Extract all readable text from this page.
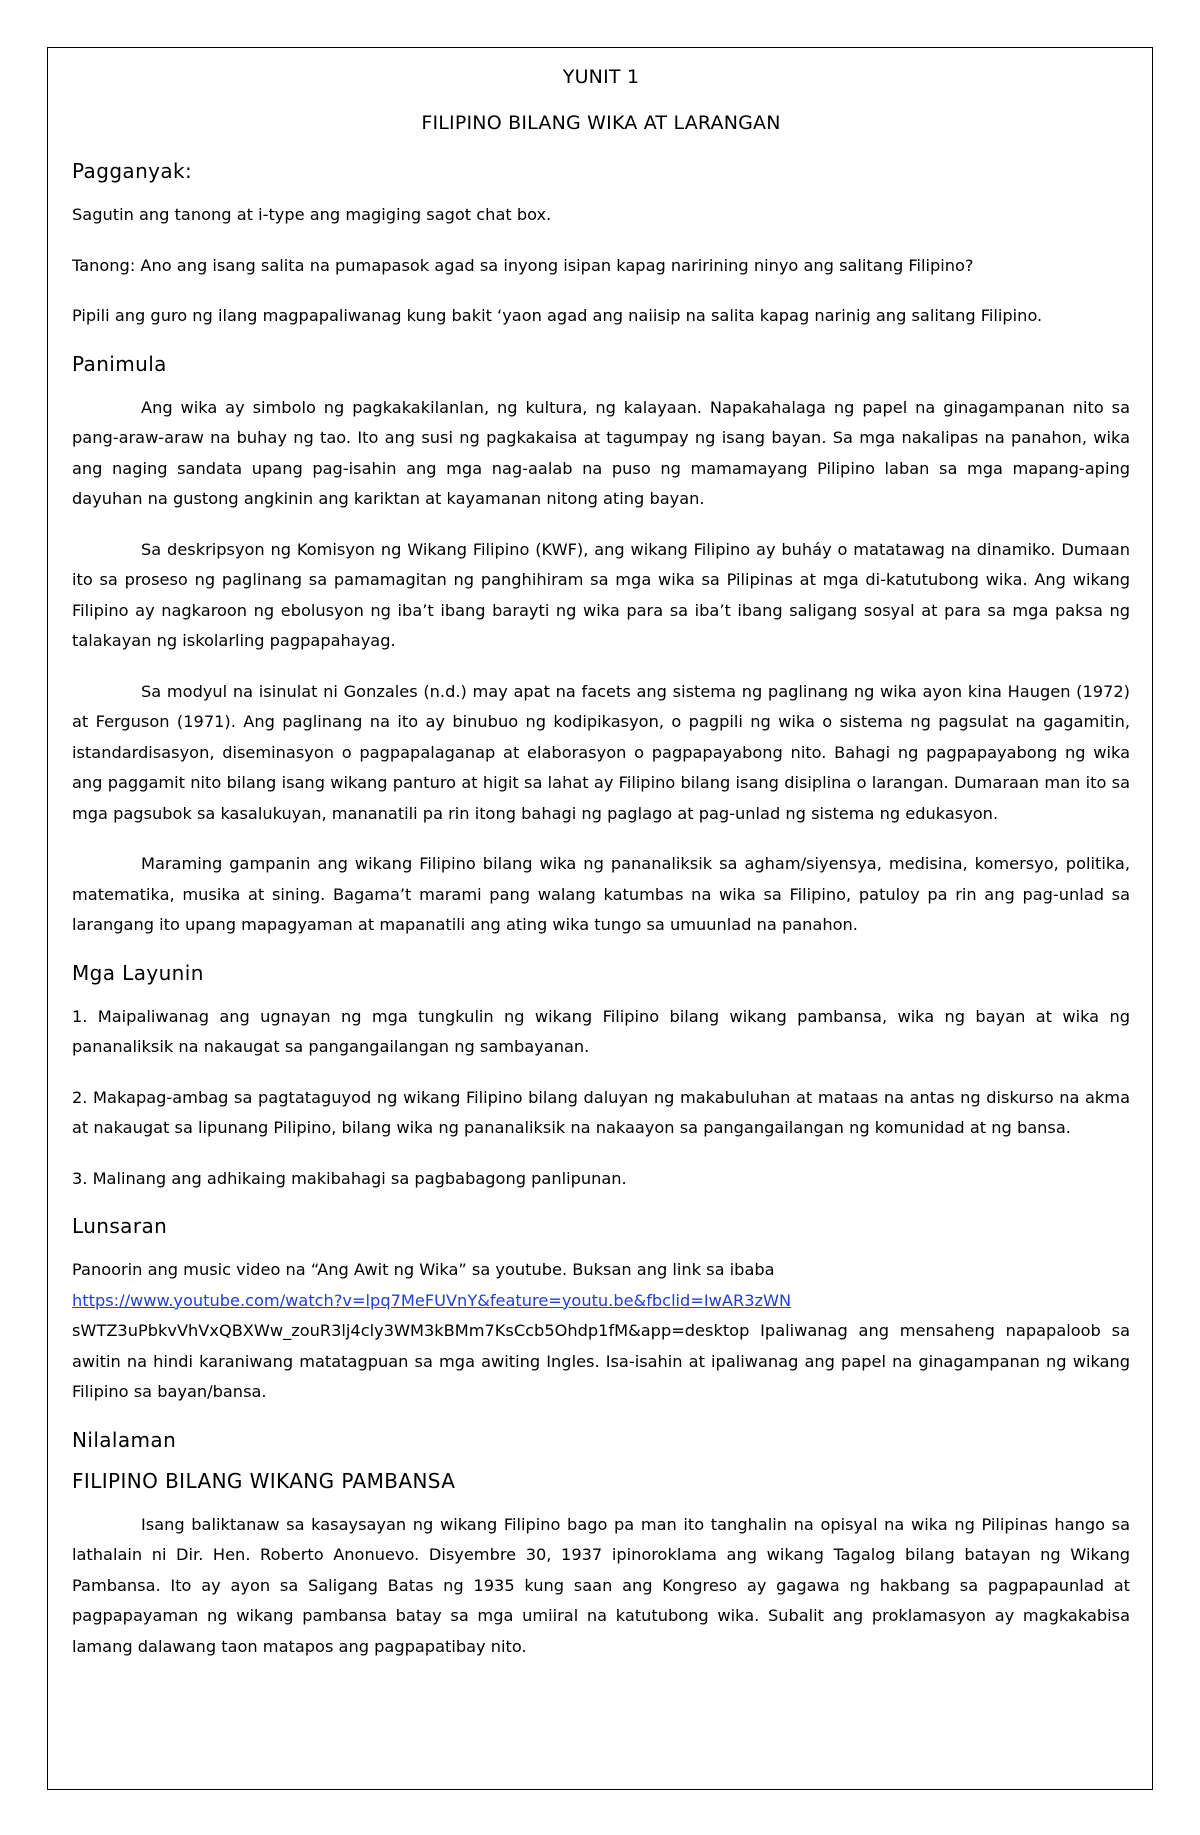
YUNIT 1
FILIPINO BILANG WIKA AT LARANGAN
Pagganyak:

Sagutin ang tanong at i-type ang magiging sagot chat box.

Tanong: Ano ang isang salita na pumapasok agad sa inyong isipan kapag naririning ninyo ang salitang Filipino?

Pipili ang guro ng ilang magpapaliwanag kung bakit ‘yaon agad ang naiisip na salita kapag narinig ang salitang Filipino.

Panimula

Ang wika ay simbolo ng pagkakakilanlan, ng kultura, ng kalayaan. Napakahalaga ng papel na ginagampanan nito sa pang-araw-araw na buhay ng tao. Ito ang susi ng pagkakaisa at tagumpay ng isang bayan. Sa mga nakalipas na panahon, wika ang naging sandata upang pag-isahin ang mga nag-aalab na puso ng mamamayang Pilipino laban sa mga mapang-aping dayuhan na gustong angkinin ang kariktan at kayamanan nitong ating bayan.

Sa deskripsyon ng Komisyon ng Wikang Filipino (KWF), ang wikang Filipino ay buháy o matatawag na dinamiko. Dumaan ito sa proseso ng paglinang sa pamamagitan ng panghihiram sa mga wika sa Pilipinas at mga di-katutubong wika. Ang wikang Filipino ay nagkaroon ng ebolusyon ng iba’t ibang barayti ng wika para sa iba’t ibang saligang sosyal at para sa mga paksa ng talakayan ng iskolarling pagpapahayag.

Sa modyul na isinulat ni Gonzales (n.d.) may apat na facets ang sistema ng paglinang ng wika ayon kina Haugen (1972) at Ferguson (1971). Ang paglinang na ito ay binubuo ng kodipikasyon, o pagpili ng wika o sistema ng pagsulat na gagamitin, istandardisasyon, diseminasyon o pagpapalaganap at elaborasyon o pagpapayabong nito. Bahagi ng pagpapayabong ng wika ang paggamit nito bilang isang wikang panturo at higit sa lahat ay Filipino bilang isang disiplina o larangan. Dumaraan man ito sa mga pagsubok sa kasalukuyan, mananatili pa rin itong bahagi ng paglago at pag-unlad ng sistema ng edukasyon.

Maraming gampanin ang wikang Filipino bilang wika ng pananaliksik sa agham/siyensya, medisina, komersyo, politika, matematika, musika at sining. Bagama’t marami pang walang katumbas na wika sa Filipino, patuloy pa rin ang pag-unlad sa larangang ito upang mapagyaman at mapanatili ang ating wika tungo sa umuunlad na panahon.

Mga Layunin

1. Maipaliwanag ang ugnayan ng mga tungkulin ng wikang Filipino bilang wikang pambansa, wika ng bayan at wika ng pananaliksik na nakaugat sa pangangailangan ng sambayanan.

2. Makapag-ambag sa pagtataguyod ng wikang Filipino bilang daluyan ng makabuluhan at mataas na antas ng diskurso na akma at nakaugat sa lipunang Pilipino, bilang wika ng pananaliksik na nakaayon sa pangangailangan ng komunidad at ng bansa.

3. Malinang ang adhikaing makibahagi sa pagbabagong panlipunan.

Lunsaran

Panoorin ang music video na “Ang Awit ng Wika” sa youtube. Buksan ang link sa ibaba
https://www.youtube.com/watch?v=lpq7MeFUVnY&feature=youtu.be&fbclid=IwAR3zWN
sWTZ3uPbkvVhVxQBXWw_zouR3lj4cly3WM3kBMm7KsCcb5Ohdp1fM&app=desktop Ipaliwanag ang mensaheng napapaloob sa awitin na hindi karaniwang matatagpuan sa mga awiting Ingles. Isa-isahin at ipaliwanag ang papel na ginagampanan ng wikang Filipino sa bayan/bansa.

Nilalaman
FILIPINO BILANG WIKANG PAMBANSA

Isang baliktanaw sa kasaysayan ng wikang Filipino bago pa man ito tanghalin na opisyal na wika ng Pilipinas hango sa lathalain ni Dir. Hen. Roberto Anonuevo. Disyembre 30, 1937 ipinoroklama ang wikang Tagalog bilang batayan ng Wikang Pambansa. Ito ay ayon sa Saligang Batas ng 1935 kung saan ang Kongreso ay gagawa ng hakbang sa pagpapaunlad at pagpapayaman ng wikang pambansa batay sa mga umiiral na katutubong wika. Subalit ang proklamasyon ay magkakabisa lamang dalawang taon matapos ang pagpapatibay nito.
